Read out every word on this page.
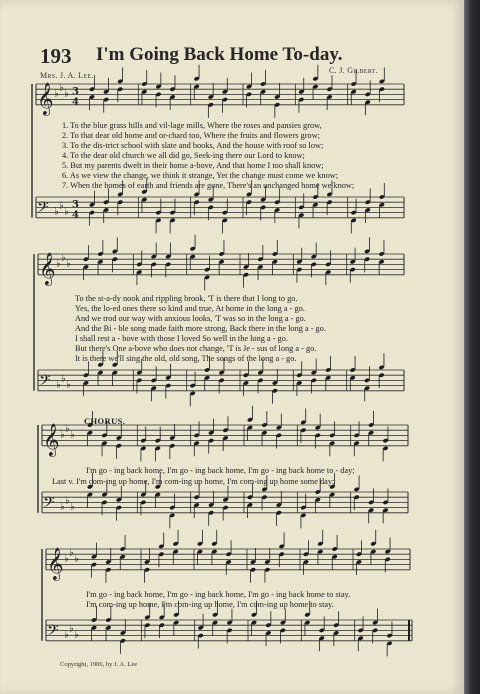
193 I'm Going Back Home To-day.
Mrs. J. A. Lee.
C. J. Gilbert.
𝄞 ♭
♭
♭ 3
4
𝄢 ♭
♭
♭
3
4
𝄞 ♭
♭
♭
𝄢 ♭
♭
♭
𝄞 ♭
♭
♭
𝄢 ♭
♭
♭
𝄞 ♭
♭
♭
𝄢 ♭
♭
♭
1. To the blue grass hills and vil-lage mills, Where the roses and pansies grow,
2. To that dear old home and or-chard too, Where the fruits and flowers grow;
3. To the dis-trict school with slate and books, And the house with roof so low;
4. To the dear old church we all did go, Seek-ing there our Lord to know;
5. But my parents dwelt in their home a-bove, And that home I too shall know;
6. As we view the change, we think it strange, Yet the change must come we know;
7. When the homes of earth and friends are gone, There's an unchanged home we know;
To the st-a-dy nook and rippling brook, 'T is there that I long to go.
Yes, the lo-ed ones there so kind and true, At home in the long a - go.
And we trod our way with anxious looks, 'T was so in the long a - go.
And the Bi - ble song made faith more strong, Back there in the long a - go.
I shall rest a - bove with those I loved So well in the long a - go.
But there's One a-bove who does not change, 'T is Je - sus of long a - go.
It is there we'll sing the old, old song, The songs of the long a - go.
CHORUS.
I'm go - ing back home, I'm go - ing back home, I'm go - ing back home to - day;
Last v. I'm com-ing up home, I'm com-ing up home, I'm com-ing up home some day;
I'm go - ing back home, I'm go - ing back home, I'm go - ing back home to stay.
I'm com-ing up home, I'm com-ing up home, I'm com-ing up home to stay.
Copyright, 1906, by J. A. Lee
